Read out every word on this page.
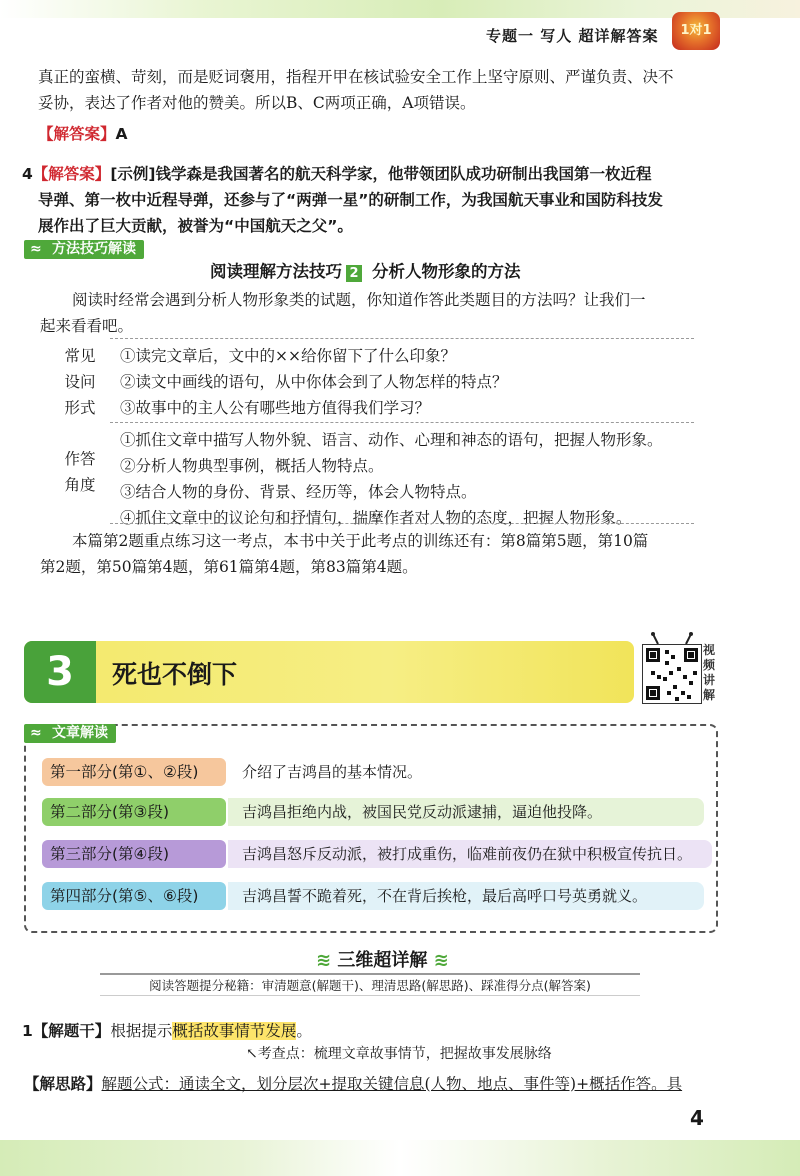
专题一 写人 超详解答案	1对1
真正的蛮横、苛刻，而是贬词褒用，指程开甲在核试验安全工作上坚守原则、严谨负责、决不
妥协，表达了作者对他的赞美。所以B、C两项正确，A项错误。
【解答案】A
4【解答案】[示例]钱学森是我国著名的航天科学家，他带领团队成功研制出我国第一枚近程
导弹、第一枚中近程导弹，还参与了“两弹一星”的研制工作，为我国航天事业和国防科技发
展作出了巨大贡献，被誉为“中国航天之父”。
≈ 方法技巧解读
阅读理解方法技巧 2 分析人物形象的方法
阅读时经常会遇到分析人物形象类的试题，你知道作答此类题目的方法吗？让我们一
起来看看吧。
常见
设问
形式
①读完文章后，文中的××给你留下了什么印象？
②读文中画线的语句，从中你体会到了人物怎样的特点？
③故事中的主人公有哪些地方值得我们学习？
作答
角度
①抓住文章中描写人物外貌、语言、动作、心理和神态的语句，把握人物形象。
②分析人物典型事例，概括人物特点。
③结合人物的身份、背景、经历等，体会人物特点。
④抓住文章中的议论句和抒情句，揣摩作者对人物的态度，把握人物形象。
本篇第2题重点练习这一考点，本书中关于此考点的训练还有：第8篇第5题，第10篇
第2题，第50篇第4题，第61篇第4题，第83篇第4题。
3	死也不倒下
视
频
讲
解
≈ 文章解读
第一部分(第①、②段)	介绍了吉鸿昌的基本情况。
第二部分(第③段)	吉鸿昌拒绝内战，被国民党反动派逮捕，逼迫他投降。
第三部分(第④段)	吉鸿昌怒斥反动派，被打成重伤，临难前夜仍在狱中积极宣传抗日。
第四部分(第⑤、⑥段)	吉鸿昌誓不跪着死，不在背后挨枪，最后高呼口号英勇就义。
≋ 三维超详解 ≋
阅读答题提分秘籍：审清题意(解题干)、理清思路(解思路)、踩准得分点(解答案)
1【解题干】根据提示概括故事情节发展。
↖考查点：梳理文章故事情节，把握故事发展脉络
【解思路】解题公式：通读全文，划分层次+提取关键信息(人物、地点、事件等)+概括作答。具
4
